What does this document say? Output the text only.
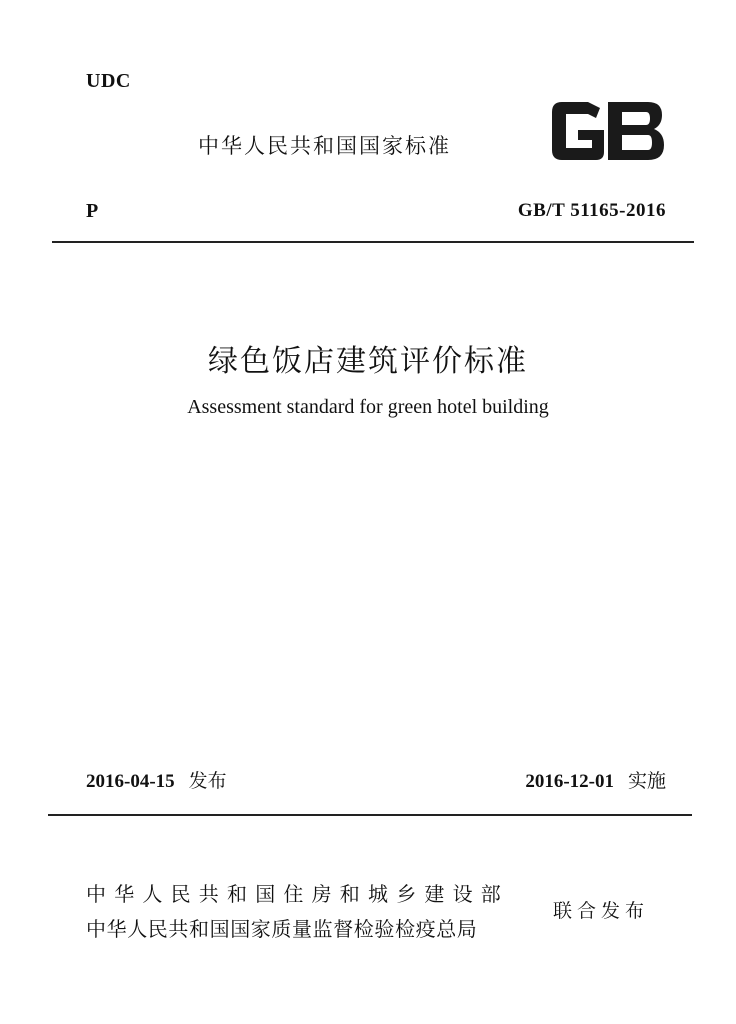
UDC
中华人民共和国国家标准
P	GB/T 51165-2016
绿色饭店建筑评价标准
Assessment standard for green hotel building
2016-04-15 发布	2016-12-01 实施
中华人民共和国住房和城乡建设部
中华人民共和国国家质量监督检验检疫总局
联合发布
